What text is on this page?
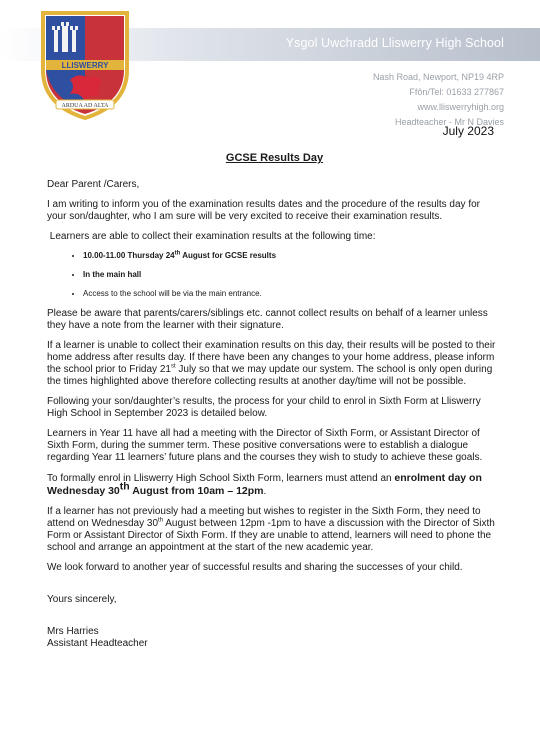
Ysgol Uwchradd Lliswerry High School
LLISWERRY
ARDUA AD ALTA
Nash Road, Newport, NP19 4RP
Ffôn/Tel: 01633 277867
www.lliswerryhigh.org
Headteacher - Mr N Davies
July 2023
GCSE Results Day

Dear Parent /Carers,

I am writing to inform you of the examination results dates and the procedure of the results day for your son/daughter, who I am sure will be very excited to receive their examination results.

Learners are able to collect their examination results at the following time:

• 10.00-11.00 Thursday 24th August for GCSE results
• In the main hall
• Access to the school will be via the main entrance.

Please be aware that parents/carers/siblings etc. cannot collect results on behalf of a learner unless they have a note from the learner with their signature.

If a learner is unable to collect their examination results on this day, their results will be posted to their home address after results day. If there have been any changes to your home address, please inform the school prior to Friday 21st July so that we may update our system. The school is only open during the times highlighted above therefore collecting results at another day/time will not be possible.

Following your son/daughter’s results, the process for your child to enrol in Sixth Form at Lliswerry High School in September 2023 is detailed below.

Learners in Year 11 have all had a meeting with the Director of Sixth Form, or Assistant Director of Sixth Form, during the summer term. These positive conversations were to establish a dialogue regarding Year 11 learners’ future plans and the courses they wish to study to achieve these goals.

To formally enrol in Lliswerry High School Sixth Form, learners must attend an enrolment day on Wednesday 30th August from 10am – 12pm.

If a learner has not previously had a meeting but wishes to register in the Sixth Form, they need to attend on Wednesday 30th August between 12pm -1pm to have a discussion with the Director of Sixth Form or Assistant Director of Sixth Form. If they are unable to attend, learners will need to phone the school and arrange an appointment at the start of the new academic year.

We look forward to another year of successful results and sharing the successes of your child.

Yours sincerely,

Mrs Harries

Assistant Headteacher
